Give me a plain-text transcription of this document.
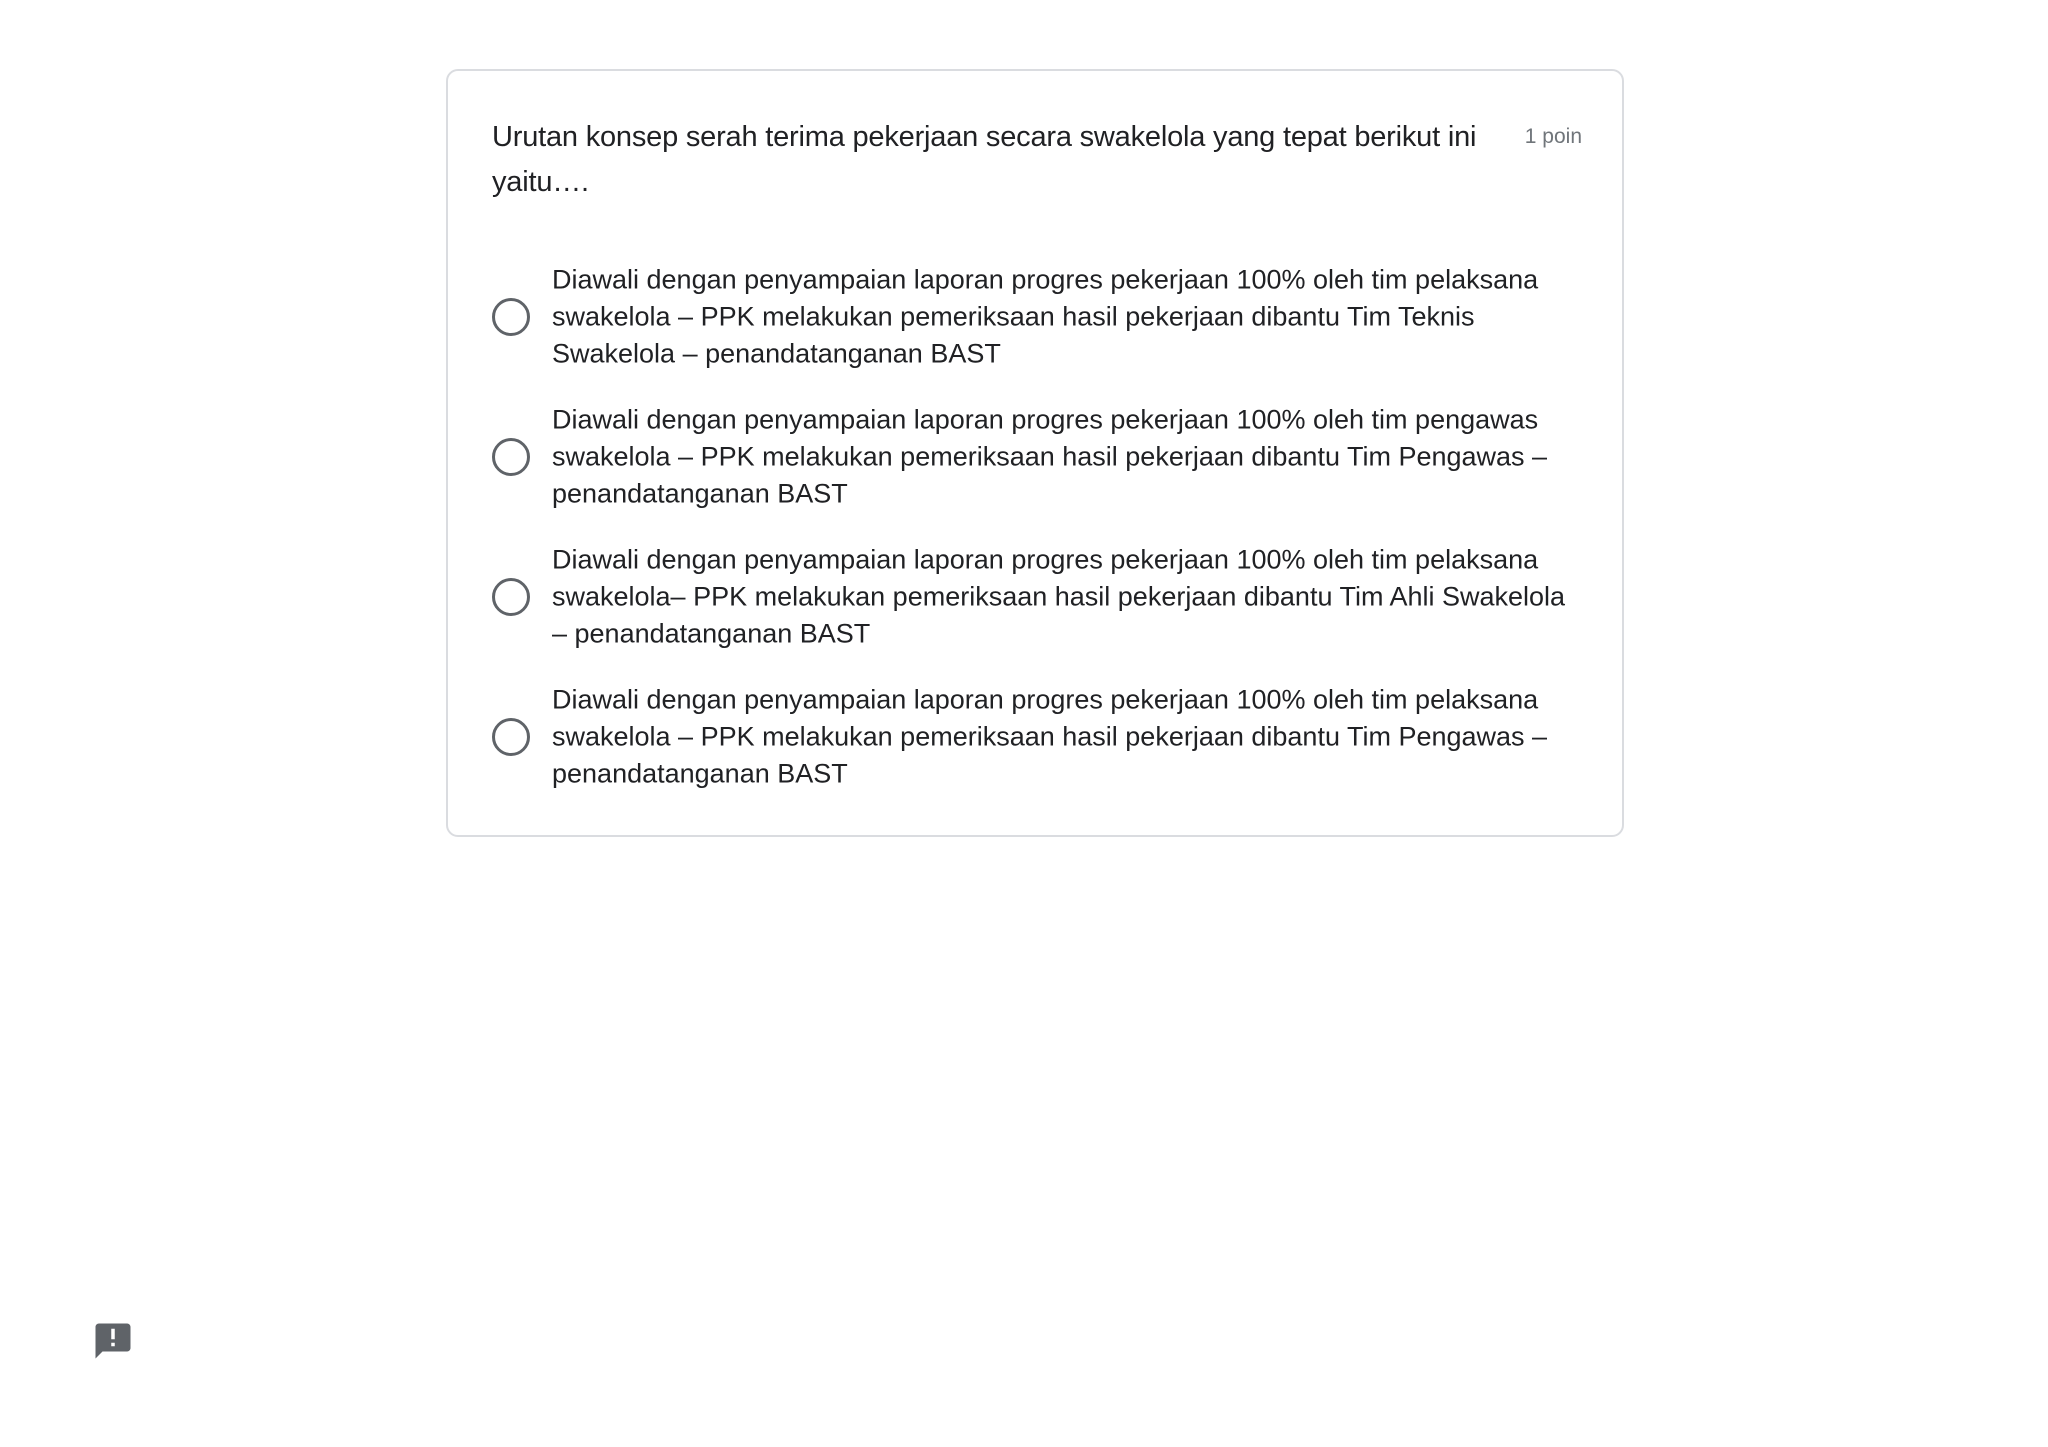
Urutan konsep serah terima pekerjaan secara swakelola yang tepat berikut ini yaitu….
1 poin
Diawali dengan penyampaian laporan progres pekerjaan 100% oleh tim pelaksana swakelola – PPK melakukan pemeriksaan hasil pekerjaan dibantu Tim Teknis Swakelola – penandatanganan BAST
Diawali dengan penyampaian laporan progres pekerjaan 100% oleh tim pengawas swakelola – PPK melakukan pemeriksaan hasil pekerjaan dibantu Tim Pengawas – penandatanganan BAST
Diawali dengan penyampaian laporan progres pekerjaan 100% oleh tim pelaksana swakelola– PPK melakukan pemeriksaan hasil pekerjaan dibantu Tim Ahli Swakelola – penandatanganan BAST
Diawali dengan penyampaian laporan progres pekerjaan 100% oleh tim pelaksana swakelola – PPK melakukan pemeriksaan hasil pekerjaan dibantu Tim Pengawas – penandatanganan BAST
